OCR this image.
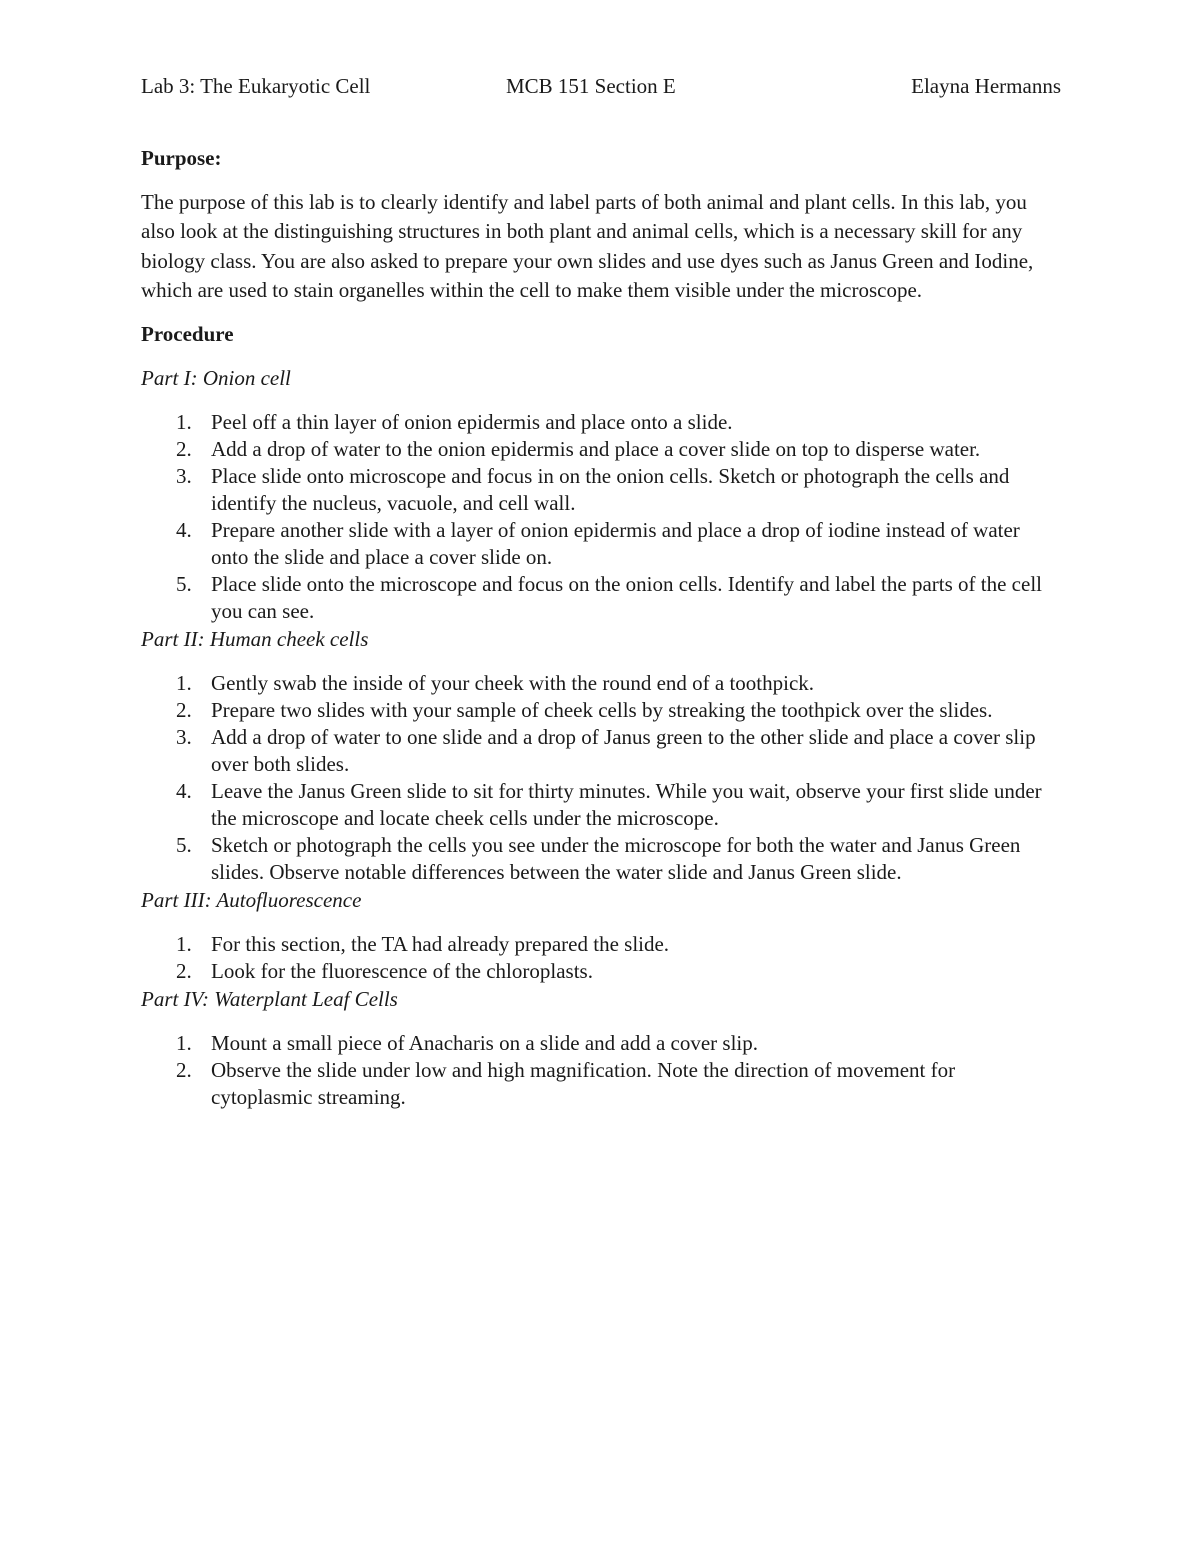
Lab 3: The Eukaryotic Cell	MCB 151 Section E	Elayna Hermanns
Purpose:
The purpose of this lab is to clearly identify and label parts of both animal and plant cells. In this lab, you also look at the distinguishing structures in both plant and animal cells, which is a necessary skill for any biology class. You are also asked to prepare your own slides and use dyes such as Janus Green and Iodine, which are used to stain organelles within the cell to make them visible under the microscope.
Procedure
Part I: Onion cell
1. Peel off a thin layer of onion epidermis and place onto a slide.
2. Add a drop of water to the onion epidermis and place a cover slide on top to disperse water.
3. Place slide onto microscope and focus in on the onion cells. Sketch or photograph the cells and identify the nucleus, vacuole, and cell wall.
4. Prepare another slide with a layer of onion epidermis and place a drop of iodine instead of water onto the slide and place a cover slide on.
5. Place slide onto the microscope and focus on the onion cells. Identify and label the parts of the cell you can see.
Part II: Human cheek cells
1. Gently swab the inside of your cheek with the round end of a toothpick.
2. Prepare two slides with your sample of cheek cells by streaking the toothpick over the slides.
3. Add a drop of water to one slide and a drop of Janus green to the other slide and place a cover slip over both slides.
4. Leave the Janus Green slide to sit for thirty minutes. While you wait, observe your first slide under the microscope and locate cheek cells under the microscope.
5. Sketch or photograph the cells you see under the microscope for both the water and Janus Green slides. Observe notable differences between the water slide and Janus Green slide.
Part III: Autofluorescence
1. For this section, the TA had already prepared the slide.
2. Look for the fluorescence of the chloroplasts.
Part IV: Waterplant Leaf Cells
1. Mount a small piece of Anacharis on a slide and add a cover slip.
2. Observe the slide under low and high magnification. Note the direction of movement for cytoplasmic streaming.
